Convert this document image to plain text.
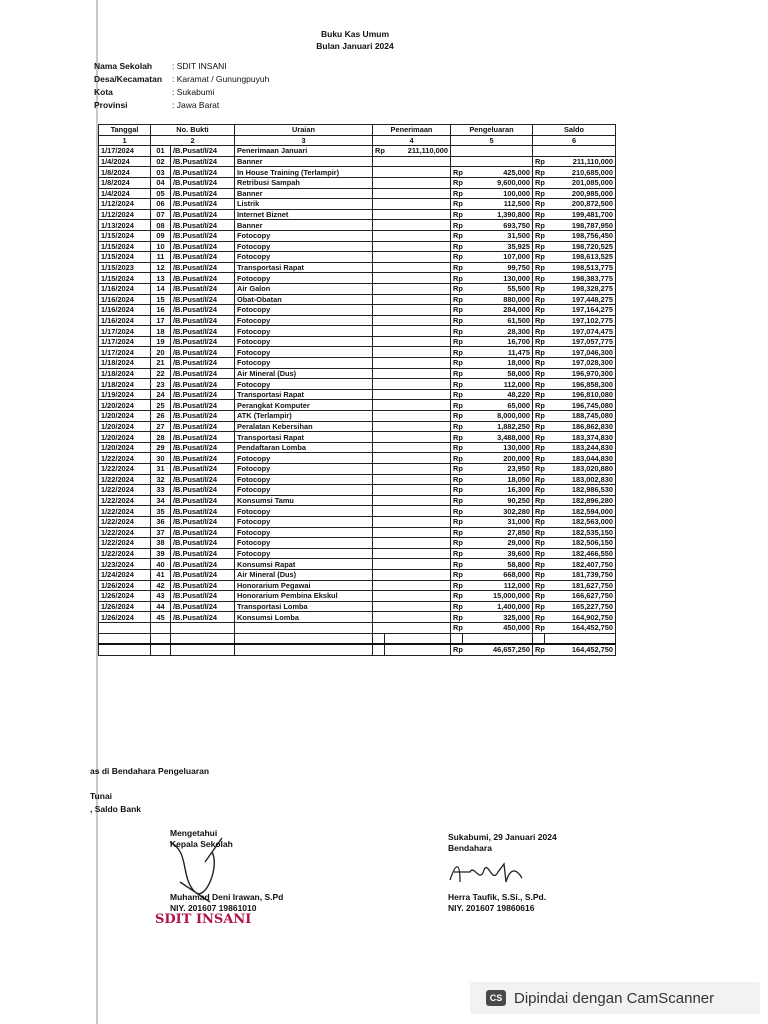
Buku Kas Umum
Bulan Januari 2024
Nama Sekolah	: SDIT INSANI
Desa/Kecamatan	: Karamat / Gunungpuyuh
Kota	: Sukabumi
Provinsi	: Jawa Barat
Tanggal	No. Bukti		Uraian	Penerimaan		Pengeluaran		Saldo	
1	2		3	4		5		6	
1/17/2024	01	/B.Pusat/I/24	Penerimaan Januari	Rp	211,110,000				
1/4/2024	02	/B.Pusat/I/24	Banner					Rp	211,110,000
1/8/2024	03	/B.Pusat/I/24	In House Training (Terlampir)			Rp	425,000	Rp	210,685,000
1/8/2024	04	/B.Pusat/I/24	Retribusi Sampah			Rp	9,600,000	Rp	201,085,000
1/4/2024	05	/B.Pusat/I/24	Banner			Rp	100,000	Rp	200,985,000
1/12/2024	06	/B.Pusat/I/24	Listrik			Rp	112,500	Rp	200,872,500
1/12/2024	07	/B.Pusat/I/24	Internet Biznet			Rp	1,390,800	Rp	199,481,700
1/13/2024	08	/B.Pusat/I/24	Banner			Rp	693,750	Rp	198,787,950
1/15/2024	09	/B.Pusat/I/24	Fotocopy			Rp	31,500	Rp	198,756,450
1/15/2024	10	/B.Pusat/I/24	Fotocopy			Rp	35,925	Rp	198,720,525
1/15/2024	11	/B.Pusat/I/24	Fotocopy			Rp	107,000	Rp	198,613,525
1/15/2023	12	/B.Pusat/I/24	Transportasi Rapat			Rp	99,750	Rp	198,513,775
1/15/2024	13	/B.Pusat/I/24	Fotocopy			Rp	130,000	Rp	198,383,775
1/16/2024	14	/B.Pusat/I/24	Air Galon			Rp	55,500	Rp	198,328,275
1/16/2024	15	/B.Pusat/I/24	Obat-Obatan			Rp	880,000	Rp	197,448,275
1/16/2024	16	/B.Pusat/I/24	Fotocopy			Rp	284,000	Rp	197,164,275
1/16/2024	17	/B.Pusat/I/24	Fotocopy			Rp	61,500	Rp	197,102,775
1/17/2024	18	/B.Pusat/I/24	Fotocopy			Rp	28,300	Rp	197,074,475
1/17/2024	19	/B.Pusat/I/24	Fotocopy			Rp	16,700	Rp	197,057,775
1/17/2024	20	/B.Pusat/I/24	Fotocopy			Rp	11,475	Rp	197,046,300
1/18/2024	21	/B.Pusat/I/24	Fotocopy			Rp	18,000	Rp	197,028,300
1/18/2024	22	/B.Pusat/I/24	Air Mineral (Dus)			Rp	58,000	Rp	196,970,300
1/18/2024	23	/B.Pusat/I/24	Fotocopy			Rp	112,000	Rp	196,858,300
1/19/2024	24	/B.Pusat/I/24	Transportasi Rapat			Rp	48,220	Rp	196,810,080
1/20/2024	25	/B.Pusat/I/24	Perangkat Komputer			Rp	65,000	Rp	196,745,080
1/20/2024	26	/B.Pusat/I/24	ATK (Terlampir)			Rp	8,000,000	Rp	188,745,080
1/20/2024	27	/B.Pusat/I/24	Peralatan Kebersihan			Rp	1,882,250	Rp	186,862,830
1/20/2024	28	/B.Pusat/I/24	Transportasi Rapat			Rp	3,488,000	Rp	183,374,830
1/20/2024	29	/B.Pusat/I/24	Pendaftaran Lomba			Rp	130,000	Rp	183,244,830
1/22/2024	30	/B.Pusat/I/24	Fotocopy			Rp	200,000	Rp	183,044,830
1/22/2024	31	/B.Pusat/I/24	Fotocopy			Rp	23,950	Rp	183,020,880
1/22/2024	32	/B.Pusat/I/24	Fotocopy			Rp	18,050	Rp	183,002,830
1/22/2024	33	/B.Pusat/I/24	Fotocopy			Rp	16,300	Rp	182,986,530
1/22/2024	34	/B.Pusat/I/24	Konsumsi Tamu			Rp	90,250	Rp	182,896,280
1/22/2024	35	/B.Pusat/I/24	Fotocopy			Rp	302,280	Rp	182,594,000
1/22/2024	36	/B.Pusat/I/24	Fotocopy			Rp	31,000	Rp	182,563,000
1/22/2024	37	/B.Pusat/I/24	Fotocopy			Rp	27,850	Rp	182,535,150
1/22/2024	38	/B.Pusat/I/24	Fotocopy			Rp	29,000	Rp	182,506,150
1/22/2024	39	/B.Pusat/I/24	Fotocopy			Rp	39,600	Rp	182,466,550
1/23/2024	40	/B.Pusat/I/24	Konsumsi Rapat			Rp	58,800	Rp	182,407,750
1/24/2024	41	/B.Pusat/I/24	Air Mineral (Dus)			Rp	668,000	Rp	181,739,750
1/26/2024	42	/B.Pusat/I/24	Honorarium Pegawai			Rp	112,000	Rp	181,627,750
1/26/2024	43	/B.Pusat/I/24	Honorarium Pembina Ekskul			Rp	15,000,000	Rp	166,627,750
1/26/2024	44	/B.Pusat/I/24	Transportasi Lomba			Rp	1,400,000	Rp	165,227,750
1/26/2024	45	/B.Pusat/I/24	Konsumsi Lomba			Rp	325,000	Rp	164,902,750
						Rp	450,000	Rp	164,452,750

						Rp	46,657,250	Rp	164,452,750
as di Bendahara Pengeluaran
Tunai
, Saldo Bank
Mengetahui
Kepala Sekolah
Muhamad Deni Irawan, S.Pd
NIY. 201607 19861010
SDIT INSANI
Sukabumi, 29 Januari 2024
Bendahara
Herra Taufik, S.Si., S.Pd.
NIY. 201607 19860616
CS Dipindai dengan CamScanner
